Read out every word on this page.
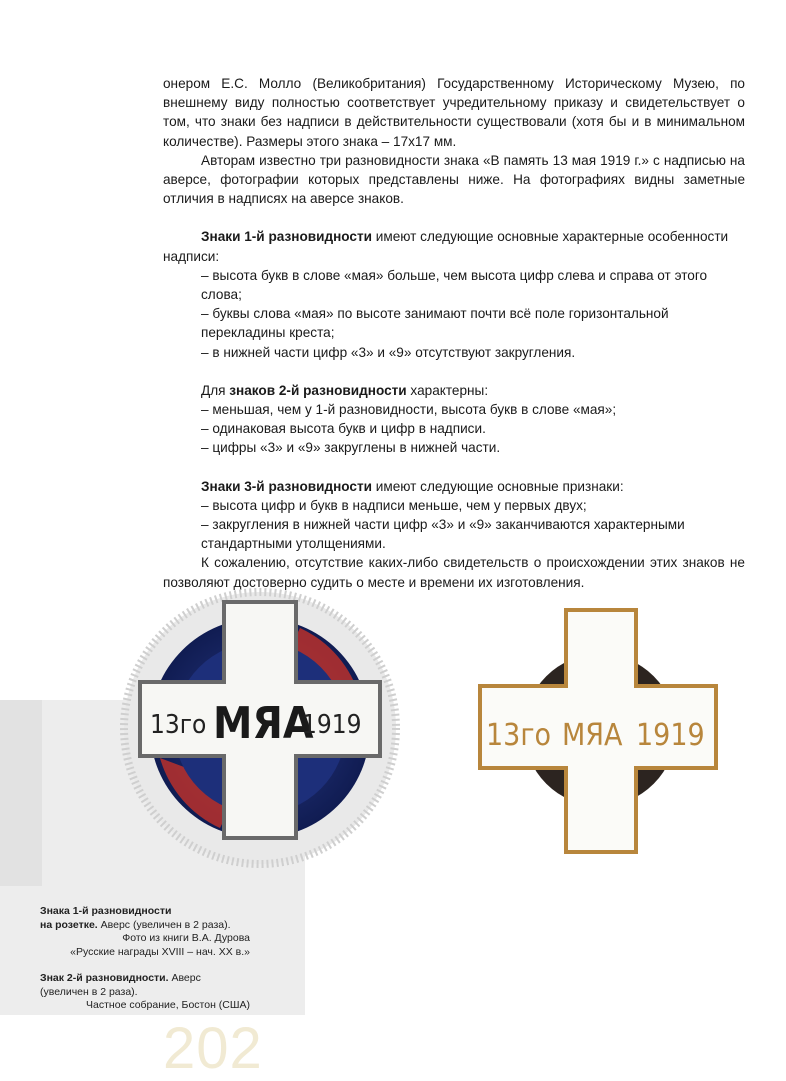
онером Е.С. Молло (Великобритания) Государственному Историческому Музею, по внешнему виду полностью соответствует учредительному приказу и свидетельствует о том, что знаки без надписи в действительности существовали (хотя бы и в минимальном количестве). Размеры этого знака – 17х17 мм.

Авторам известно три разновидности знака «В память 13 мая 1919 г.» с надписью на аверсе, фотографии которых представлены ниже. На фотографиях видны заметные отличия в надписях на аверсе знаков.

Знаки 1-й разновидности имеют следующие основные характерные особенности надписи:

– высота букв в слове «мая» больше, чем высота цифр слева и справа от этого слова;

– буквы слова «мая» по высоте занимают почти всё поле горизонтальной перекладины креста;

– в нижней части цифр «3» и «9» отсутствуют закругления.

Для знаков 2-й разновидности характерны:

– меньшая, чем у 1-й разновидности, высота букв в слове «мая»;

– одинаковая высота букв и цифр в надписи.

– цифры «3» и «9» закруглены в нижней части.

Знаки 3-й разновидности имеют следующие основные признаки:

– высота цифр и букв в надписи меньше, чем у первых двух;

– закругления в нижней части цифр «3» и «9» заканчиваются характерными стандартными утолщениями.

К сожалению, отсутствие каких-либо свидетельств о происхождении этих знаков не позволяют достоверно судить о месте и времени их изготовления.

13го МЯА
1919	13го МЯА 1919
Знака 1-й разновидности
на розетке. Аверс (увеличен в 2 раза).
Фото из книги В.А. Дурова
«Русские награды XVIII – нач. XX в.»
Знак 2-й разновидности. Аверс
(увеличен в 2 раза).
Частное собрание, Бостон (США)
202
